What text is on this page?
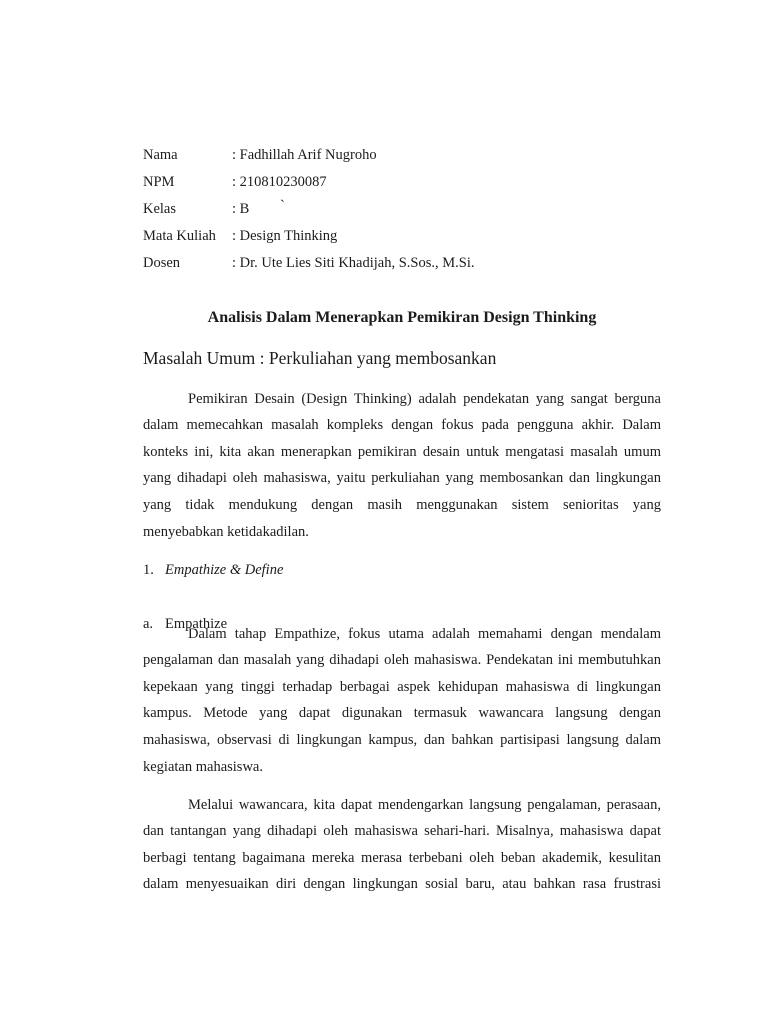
Nama	: Fadhillah Arif Nugroho
NPM	: 210810230087
Kelas	: B `
Mata Kuliah : Design Thinking
Dosen	: Dr. Ute Lies Siti Khadijah, S.Sos., M.Si.
Analisis Dalam Menerapkan Pemikiran Design Thinking
Masalah Umum : Perkuliahan yang membosankan
Pemikiran Desain (Design Thinking) adalah pendekatan yang sangat berguna
dalam memecahkan masalah kompleks dengan fokus pada pengguna akhir. Dalam
konteks ini, kita akan menerapkan pemikiran desain untuk mengatasi masalah umum
yang dihadapi oleh mahasiswa, yaitu perkuliahan yang membosankan dan lingkungan
yang tidak mendukung dengan masih menggunakan sistem senioritas yang
menyebabkan ketidakadilan.
1. Empathize & Define
a. Empathize
Dalam tahap Empathize, fokus utama adalah memahami dengan mendalam
pengalaman dan masalah yang dihadapi oleh mahasiswa. Pendekatan ini membutuhkan
kepekaan yang tinggi terhadap berbagai aspek kehidupan mahasiswa di lingkungan
kampus. Metode yang dapat digunakan termasuk wawancara langsung dengan
mahasiswa, observasi di lingkungan kampus, dan bahkan partisipasi langsung dalam
kegiatan mahasiswa.
Melalui wawancara, kita dapat mendengarkan langsung pengalaman, perasaan,
dan tantangan yang dihadapi oleh mahasiswa sehari-hari. Misalnya, mahasiswa dapat
berbagi tentang bagaimana mereka merasa terbebani oleh beban akademik, kesulitan
dalam menyesuaikan diri dengan lingkungan sosial baru, atau bahkan rasa frustrasi
